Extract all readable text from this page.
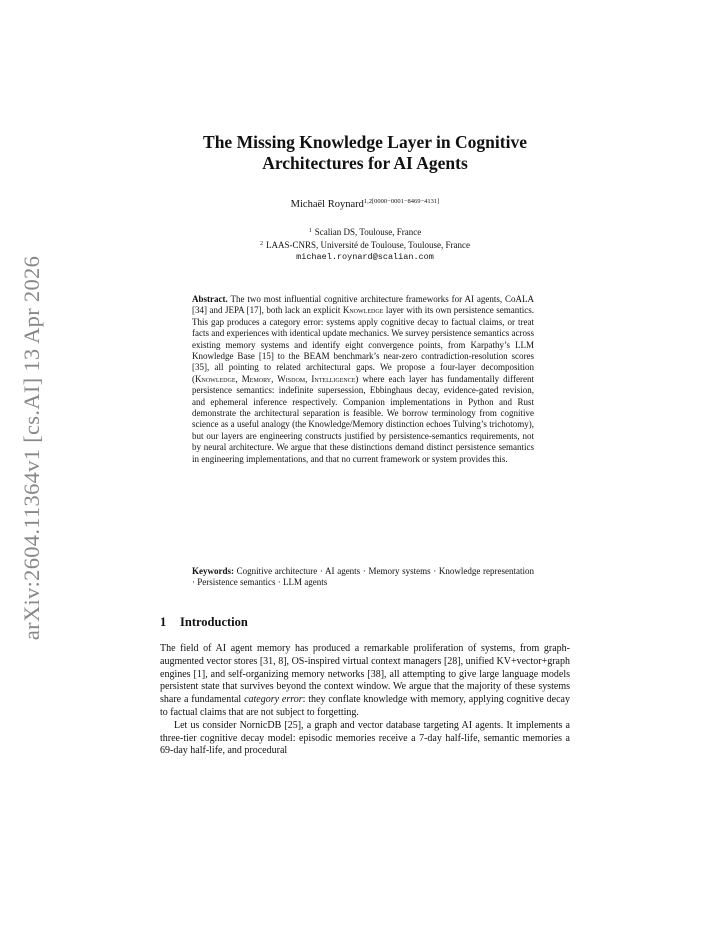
arXiv:2604.11364v1 [cs.AI] 13 Apr 2026
The Missing Knowledge Layer in Cognitive
Architectures for AI Agents
Michaël Roynard$^{1,2[0000-0001-8469-4131]}$
$^1$ Scalian DS, Toulouse, France
$^2$ LAAS-CNRS, Université de Toulouse, Toulouse, France
michael.roynard@scalian.com
Abstract. The two most influential cognitive architecture frameworks for AI agents, CoALA [34] and JEPA [17], both lack an explicit Knowledge layer with its own persistence semantics. This gap produces a category error: systems apply cognitive decay to factual claims, or treat facts and experiences with identical update mechanics. We survey persistence semantics across existing memory systems and identify eight convergence points, from Karpathy’s LLM Knowledge Base [15] to the BEAM benchmark’s near-zero contradiction-resolution scores [35], all pointing to related architectural gaps. We propose a four-layer decomposition (Knowledge, Memory, Wisdom, Intelligence) where each layer has fundamentally different persistence semantics: indefinite supersession, Ebbinghaus decay, evidence-gated revision, and ephemeral inference respectively. Companion implementations in Python and Rust demonstrate the architectural separation is feasible. We borrow terminology from cognitive science as a useful analogy (the Knowledge/Memory distinction echoes Tulving’s trichotomy), but our layers are engineering constructs justified by persistence-semantics requirements, not by neural architecture. We argue that these distinctions demand distinct persistence semantics in engineering implementations, and that no current framework or system provides this.
Keywords: Cognitive architecture · AI agents · Memory systems · Knowledge representation · Persistence semantics · LLM agents
1 Introduction

The field of AI agent memory has produced a remarkable proliferation of systems, from graph-augmented vector stores [31, 8], OS-inspired virtual context managers [28], unified KV+vector+graph engines [1], and self-organizing memory networks [38], all attempting to give large language models persistent state that survives beyond the context window. We argue that the majority of these systems share a fundamental category error: they conflate knowledge with memory, applying cognitive decay to factual claims that are not subject to forgetting.

Let us consider NornicDB [25], a graph and vector database targeting AI agents. It implements a three-tier cognitive decay model: episodic memories receive a 7-day half-life, semantic memories a 69-day half-life, and procedural
